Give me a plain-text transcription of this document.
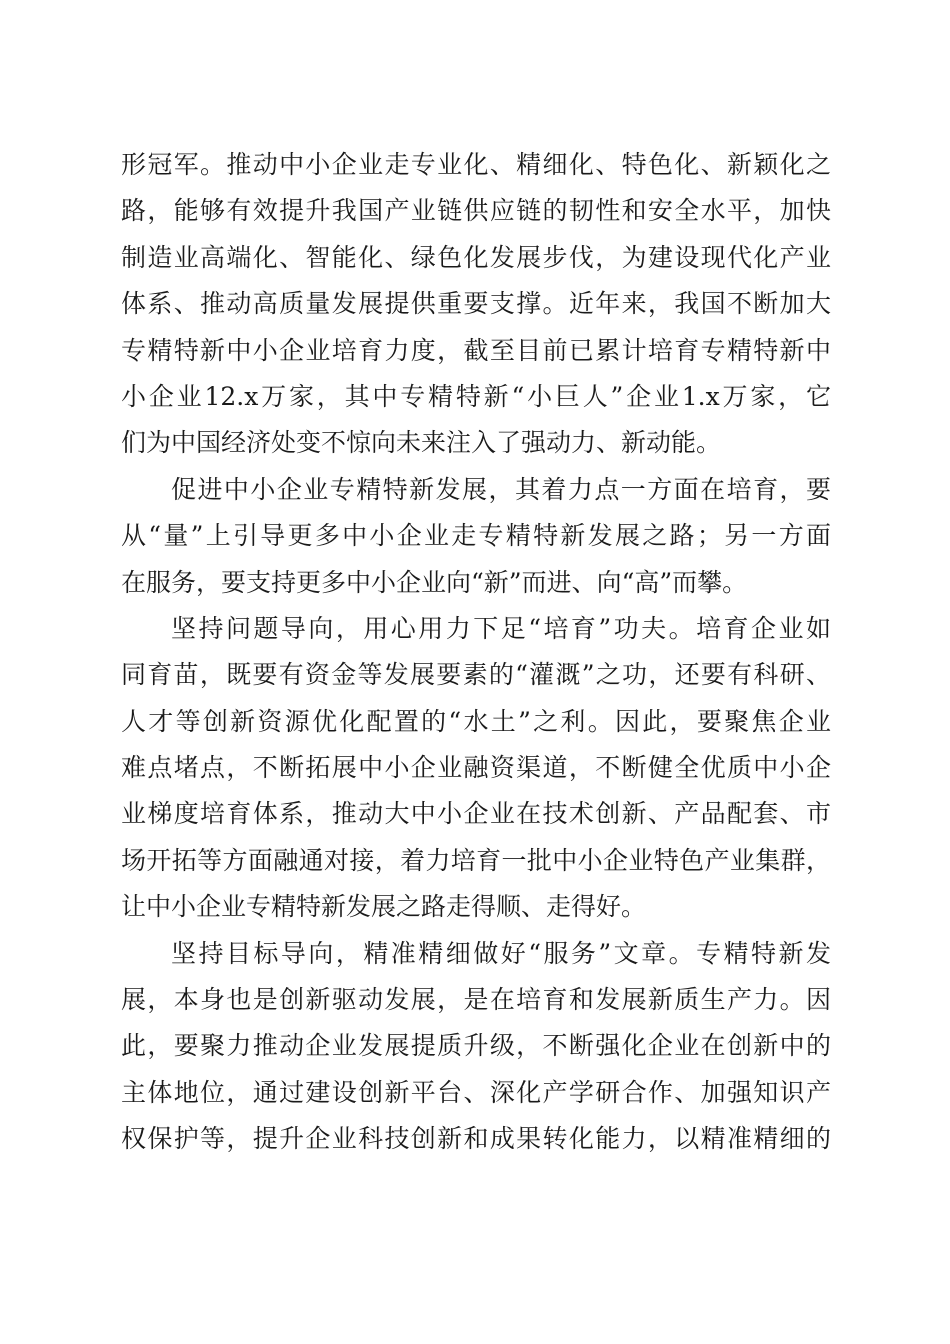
形冠军。推动中小企业走专业化、精细化、特色化、新颖化之
路，能够有效提升我国产业链供应链的韧性和安全水平，加快
制造业高端化、智能化、绿色化发展步伐，为建设现代化产业
体系、推动高质量发展提供重要支撑。近年来，我国不断加大
专精特新中小企业培育力度，截至目前已累计培育专精特新中
小企业12.x万家，其中专精特新“小巨人”企业1.x万家，它
们为中国经济处变不惊向未来注入了强动力、新动能。
促进中小企业专精特新发展，其着力点一方面在培育，要
从“量”上引导更多中小企业走专精特新发展之路；另一方面
在服务，要支持更多中小企业向“新”而进、向“高”而攀。
坚持问题导向，用心用力下足“培育”功夫。培育企业如
同育苗，既要有资金等发展要素的“灌溉”之功，还要有科研、
人才等创新资源优化配置的“水土”之利。因此，要聚焦企业
难点堵点，不断拓展中小企业融资渠道，不断健全优质中小企
业梯度培育体系，推动大中小企业在技术创新、产品配套、市
场开拓等方面融通对接，着力培育一批中小企业特色产业集群，
让中小企业专精特新发展之路走得顺、走得好。
坚持目标导向，精准精细做好“服务”文章。专精特新发
展，本身也是创新驱动发展，是在培育和发展新质生产力。因
此，要聚力推动企业发展提质升级，不断强化企业在创新中的
主体地位，通过建设创新平台、深化产学研合作、加强知识产
权保护等，提升企业科技创新和成果转化能力，以精准精细的
